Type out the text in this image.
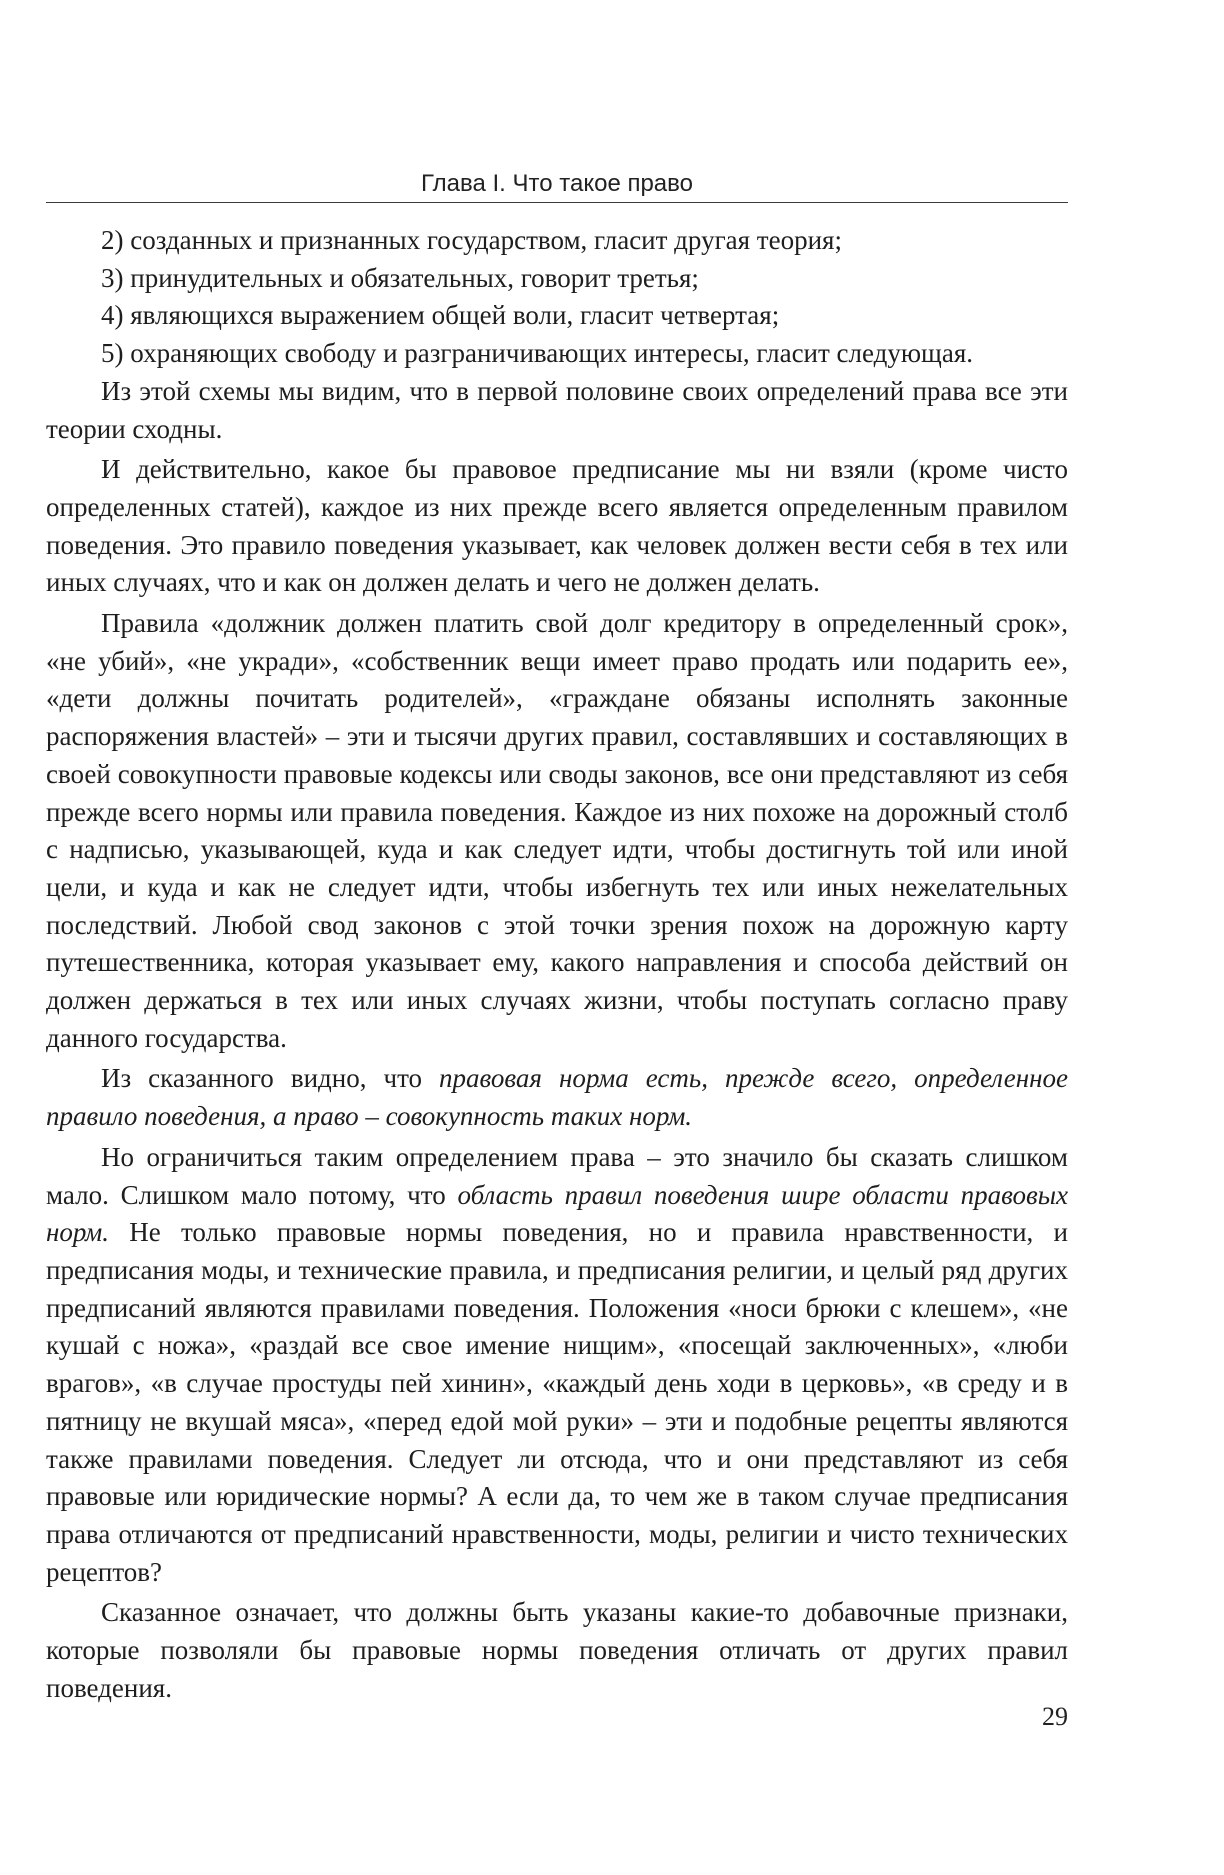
Глава I. Что такое право

2) созданных и признанных государством, гласит другая теория;

3) принудительных и обязательных, говорит третья;

4) являющихся выражением общей воли, гласит четвертая;

5) охраняющих свободу и разграничивающих интересы, гласит следующая.

Из этой схемы мы видим, что в первой половине своих определений права все эти теории сходны.

И действительно, какое бы правовое предписание мы ни взяли (кроме чисто определенных статей), каждое из них прежде всего является определенным правилом поведения. Это правило поведения указывает, как человек должен вести себя в тех или иных случаях, что и как он должен делать и чего не должен делать.

Правила «должник должен платить свой долг кредитору в определенный срок», «не убий», «не укради», «собственник вещи имеет право продать или подарить ее», «дети должны почитать родителей», «граждане обязаны исполнять законные распоряжения властей» – эти и тысячи других правил, составлявших и составляющих в своей совокупности правовые кодексы или своды законов, все они представляют из себя прежде всего нормы или правила поведения. Каждое из них похоже на дорожный столб с надписью, указывающей, куда и как следует идти, чтобы достигнуть той или иной цели, и куда и как не следует идти, чтобы избегнуть тех или иных нежелательных последствий. Любой свод законов с этой точки зрения похож на дорожную карту путешественника, которая указывает ему, какого направления и способа действий он должен держаться в тех или иных случаях жизни, чтобы поступать согласно праву данного государства.

Из сказанного видно, что правовая норма есть, прежде всего, определенное правило поведения, а право – совокупность таких норм.

Но ограничиться таким определением права – это значило бы сказать слишком мало. Слишком мало потому, что область правил поведения шире области правовых норм. Не только правовые нормы поведения, но и правила нравственности, и предписания моды, и технические правила, и предписания религии, и целый ряд других предписаний являются правилами поведения. Положения «носи брюки с клешем», «не кушай с ножа», «раздай все свое имение нищим», «посещай заключенных», «люби врагов», «в случае простуды пей хинин», «каждый день ходи в церковь», «в среду и в пятницу не вкушай мяса», «перед едой мой руки» – эти и подобные рецепты являются также правилами поведения. Следует ли отсюда, что и они представляют из себя правовые или юридические нормы? А если да, то чем же в таком случае предписания права отличаются от предписаний нравственности, моды, религии и чисто технических рецептов?

Сказанное означает, что должны быть указаны какие-то добавочные признаки, которые позволяли бы правовые нормы поведения отличать от других правил поведения.

29
